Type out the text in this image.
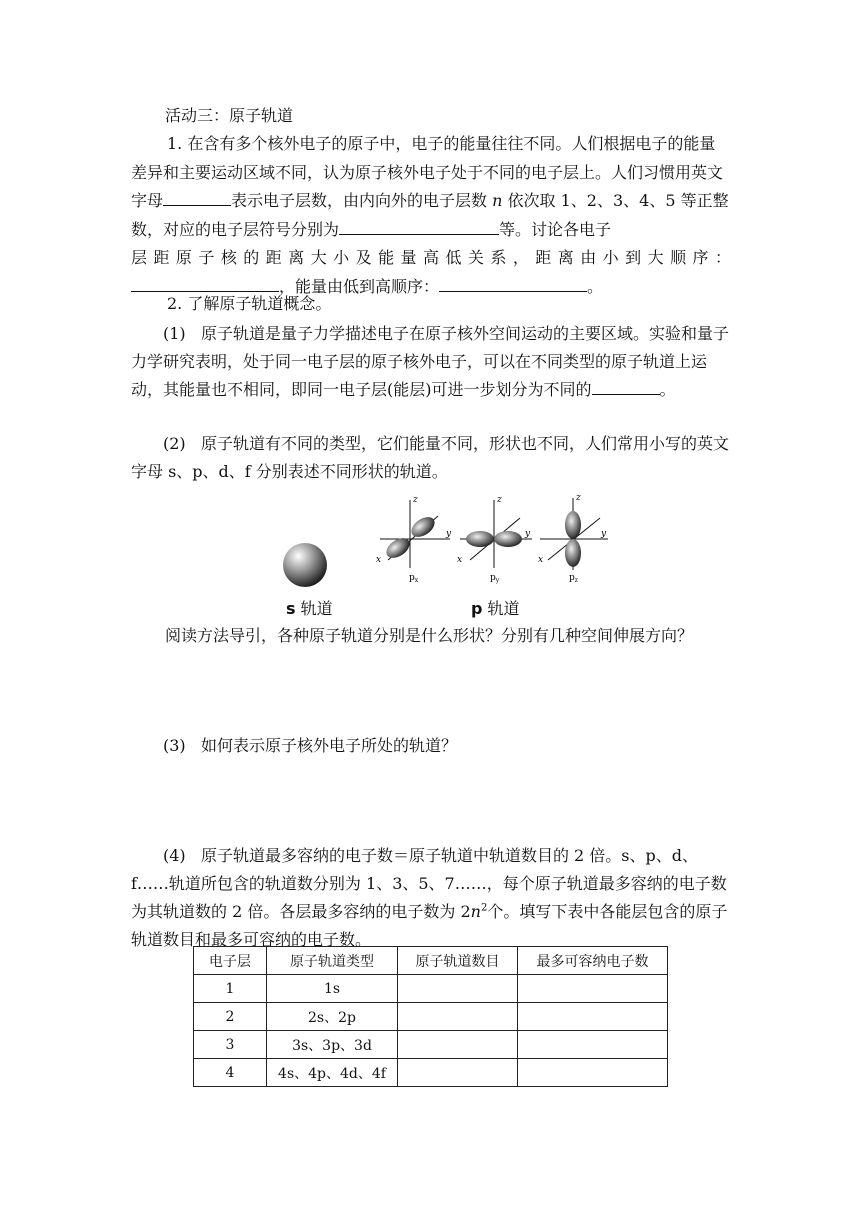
活动三：原子轨道

1. 在含有多个核外电子的原子中，电子的能量往往不同。人们根据电子的能量差异和主要运动区域不同，认为原子核外电子处于不同的电子层上。人们习惯用英文字母	表示电子层数，由内向外的电子层数 n 依次取 1、2、3、4、5 等正整数，对应的电子层符号分别为	等。讨论各电子
层距原子核的距离大小及能量高低关系，距离由小到大顺序：
，能量由低到高顺序：	。

2. 了解原子轨道概念。

(1) 原子轨道是量子力学描述电子在原子核外空间运动的主要区域。实验和量子力学研究表明，处于同一电子层的原子核外电子，可以在不同类型的原子轨道上运动，其能量也不相同，即同一电子层(能层)可进一步划分为不同的	。

(2) 原子轨道有不同的类型，它们能量不同，形状也不同，人们常用小写的英文字母 s、p、d、f 分别表述不同形状的轨道。

z
y
x
$p_x$
z
y
x
$p_y$
z
y
x
$p_z$
s 轨道	p 轨道

阅读方法导引，各种原子轨道分别是什么形状？分别有几种空间伸展方向？

(3) 如何表示原子核外电子所处的轨道？

(4) 原子轨道最多容纳的电子数＝原子轨道中轨道数目的 2 倍。s、p、d、f……轨道所包含的轨道数分别为 1、3、5、7……，每个原子轨道最多容纳的电子数为其轨道数的 2 倍。各层最多容纳的电子数为 $2n^2$个。填写下表中各能层包含的原子轨道数目和最多可容纳的电子数。

电子层	原子轨道类型	原子轨道数目	最多可容纳电子数
1	1s		
2	2s、2p		
3	3s、3p、3d		
4	4s、4p、4d、4f		
